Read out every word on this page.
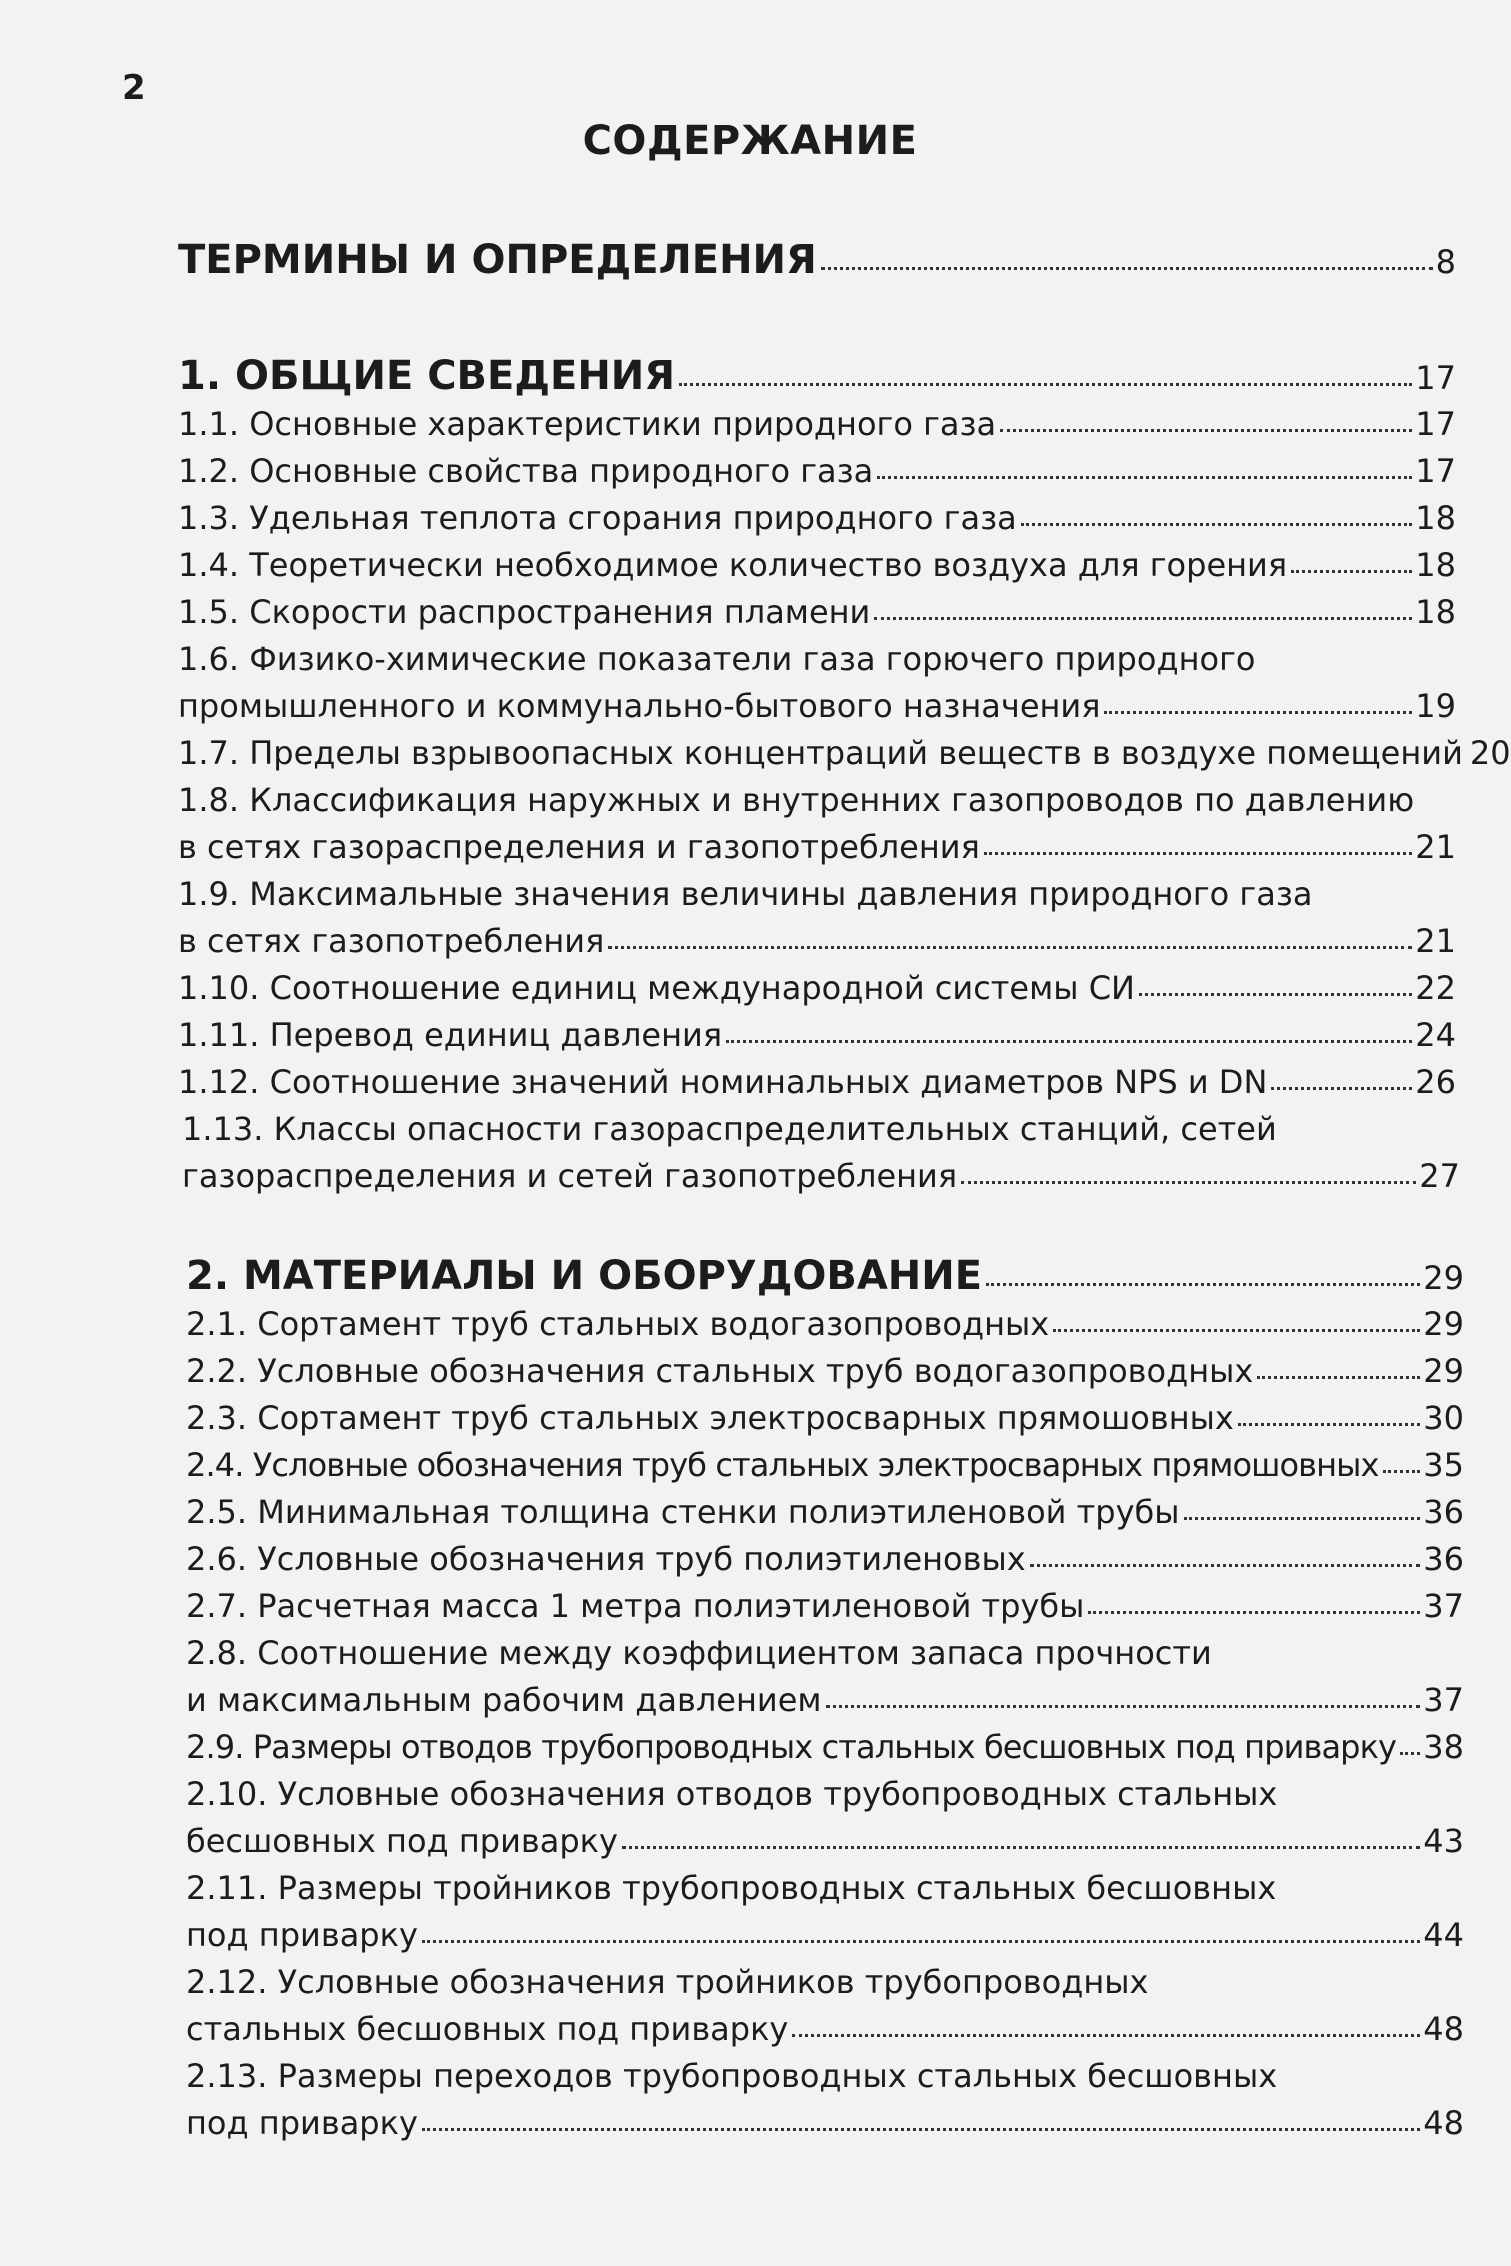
2
СОДЕРЖАНИЕ
ТЕРМИНЫ И ОПРЕДЕЛЕНИЯ	8
1. ОБЩИЕ СВЕДЕНИЯ	17
1.1. Основные характеристики природного газа	17
1.2. Основные свойства природного газа	17
1.3. Удельная теплота сгорания природного газа	18
1.4. Теоретически необходимое количество воздуха для горения	18
1.5. Скорости распространения пламени	18
1.6. Физико-химические показатели газа горючего природного
промышленного и коммунально-бытового назначения	19
1.7. Пределы взрывоопасных концентраций веществ в воздухе помещений 20
1.8. Классификация наружных и внутренних газопроводов по давлению
в сетях газораспределения и газопотребления	21
1.9. Максимальные значения величины давления природного газа
в сетях газопотребления	21
1.10. Соотношение единиц международной системы СИ	22
1.11. Перевод единиц давления	24
1.12. Соотношение значений номинальных диаметров NPS и DN	26
1.13. Классы опасности газораспределительных станций, сетей
газораспределения и сетей газопотребления	27
2. МАТЕРИАЛЫ И ОБОРУДОВАНИЕ	29
2.1. Сортамент труб стальных водогазопроводных	29
2.2. Условные обозначения стальных труб водогазопроводных	29
2.3. Сортамент труб стальных электросварных прямошовных	30
2.4. Условные обозначения труб стальных электросварных прямошовных 35
2.5. Минимальная толщина стенки полиэтиленовой трубы	36
2.6. Условные обозначения труб полиэтиленовых	36
2.7. Расчетная масса 1 метра полиэтиленовой трубы	37
2.8. Соотношение между коэффициентом запаса прочности
и максимальным рабочим давлением	37
2.9. Размеры отводов трубопроводных стальных бесшовных под приварку 38
2.10. Условные обозначения отводов трубопроводных стальных
бесшовных под приварку	43
2.11. Размеры тройников трубопроводных стальных бесшовных
под приварку	44
2.12. Условные обозначения тройников трубопроводных
стальных бесшовных под приварку	48
2.13. Размеры переходов трубопроводных стальных бесшовных
под приварку	48
